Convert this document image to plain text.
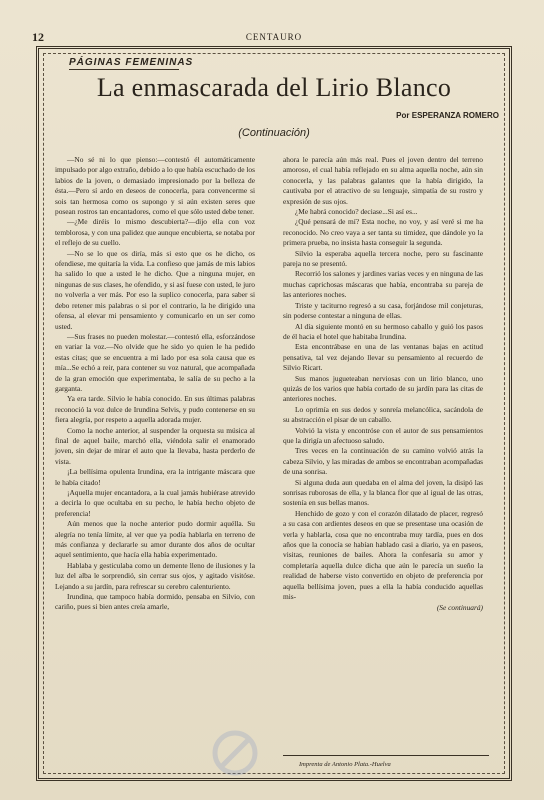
12	CENTAURO
PÁGINAS FEMENINAS
La enmascarada del Lirio Blanco
Por ESPERANZA ROMERO
(Continuación)

—No sé ni lo que pienso:—contestó él automáticamente impulsado por algo extraño, debido a lo que había escuchado de los labios de la joven, o demasiado impresionado por la belleza de ésta.—Pero sí ardo en deseos de conocerla, para convencerme si sois tan hermosa como os supongo y si aún existen seres que posean rostros tan encantadores, como el que sólo usted debe tener.

—¿Me diréis lo mismo descubierta?—dijo ella con voz temblorosa, y con una palidez que aunque encubierta, se notaba por el reflejo de su cuello.

—No se lo que os diría, más si esto que os he dicho, os ofendiese, me quitaría la vida. La confieso que jamás de mis labios ha salido lo que a usted le he dicho. Que a ninguna mujer, en ningunas de sus clases, he ofendido, y si así fuese con usted, le juro no volverla a ver más. Por eso la suplico conocerla, para saber si debo retener mis palabras o si por el contrario, la he dirigido una ofensa, al elevar mi pensamiento y comunicarlo en un ser como usted.

—Sus frases no pueden molestar.—contestó ella, esforzándose en variar la voz.—No olvide que he sido yo quien le ha pedido estas citas; que se encuentra a mi lado por esa sola causa que es mía...Se echó a reir, para contener su voz natural, que acompañada de la gran emoción que experimentaba, le salía de su pecho a la garganta.

Ya era tarde. Silvio le había conocido. En sus últimas palabras reconoció la voz dulce de Irundina Selvis, y pudo contenerse en su fiera alegría, por respeto a aquella adorada mujer.

Como la noche anterior, al suspender la orquesta su música al final de aquel baile, marchó ella, viéndola salir el enamorado joven, sin dejar de mirar el auto que la llevaba, hasta perderlo de vista.

¡La bellísima opulenta Irundina, era la intrigante máscara que le había citado!

¡Aquella mujer encantadora, a la cual jamás hubiérase atrevido a decirla lo que ocultaba en su pecho, le había hecho objeto de preferencia!

Aún menos que la noche anterior pudo dormir aquélla. Su alegría no tenía límite, al ver que ya podía hablarla en terreno de más confianza y declararle su amor durante dos años de ocultar aquel sentimiento, que hacía ella había experimentado.

Hablaba y gesticulaba como un demente lleno de ilusiones y la luz del alba le sorprendió, sin cerrar sus ojos, y agitado visitóse. Lejando a su jardín, para refrescar su cerebro calenturiento.

Irundina, que tampoco había dormido, pensaba en Silvio, con cariño, pues si bien antes creía amarle,

ahora le parecía aún más real. Pues el joven dentro del terreno amoroso, el cual había reflejado en su alma aquella noche, aún sin conocerla, y las palabras galantes que la había dirigido, la cautivaba por el atractivo de su lenguaje, simpatía de su rostro y expresión de sus ojos.

¿Me habrá conocido? deciase...Si así es...

¿Qué pensará de mí? Esta noche, no voy, y así veré si me ha reconocido. No creo vaya a ser tanta su timidez, que dándole yo la primera prueba, no insista hasta conseguir la segunda.

Silvio la esperaba aquella tercera noche, pero su fascinante pareja no se presentó.

Recorrió los salones y jardines varias veces y en ninguna de las muchas caprichosas máscaras que había, encontraba su pareja de las anteriores noches.

Triste y taciturno regresó a su casa, forjándose mil conjeturas, sin poderse contestar a ninguna de ellas.

Al día siguiente montó en su hermoso caballo y guió los pasos de él hacia el hotel que habitaba Irundina.

Esta encontrábase en una de las ventanas bajas en actitud pensativa, tal vez dejando llevar su pensamiento al recuerdo de Silvio Ricart.

Sus manos jugueteaban nerviosas con un lirio blanco, uno quizás de los varios que había cortado de su jardín para las citas de anteriores noches.

Lo oprimía en sus dedos y sonreía melancólica, sacándola de su abstracción el pisar de un caballo.

Volvió la vista y encontróse con el autor de sus pensamientos que la dirigía un afectuoso saludo.

Tres veces en la continuación de su camino volvió atrás la cabeza Silvio, y las miradas de ambos se encontraban acompañadas de una sonrisa.

Si alguna duda aun quedaba en el alma del joven, la disipó las sonrisas ruborosas de ella, y la blanca flor que al igual de las otras, sostenía en sus bellas manos.

Henchido de gozo y con el corazón dilatado de placer, regresó a su casa con ardientes deseos en que se presentase una ocasión de verla y hablarla, cosa que no encontraba muy tardía, pues en dos años que la conocía se habían hablado casi a diario, ya en paseos, visitas, reuniones de bailes. Ahora la confesaría su amor y completaría aquella dulce dicha que aún le parecía un sueño la realidad de haberse visto convertido en objeto de preferencia por aquella bellísima joven, pues a ella la había conducido aquellas mis-

(Se continuará)
Imprenta de Antonio Plata.-Huelva
